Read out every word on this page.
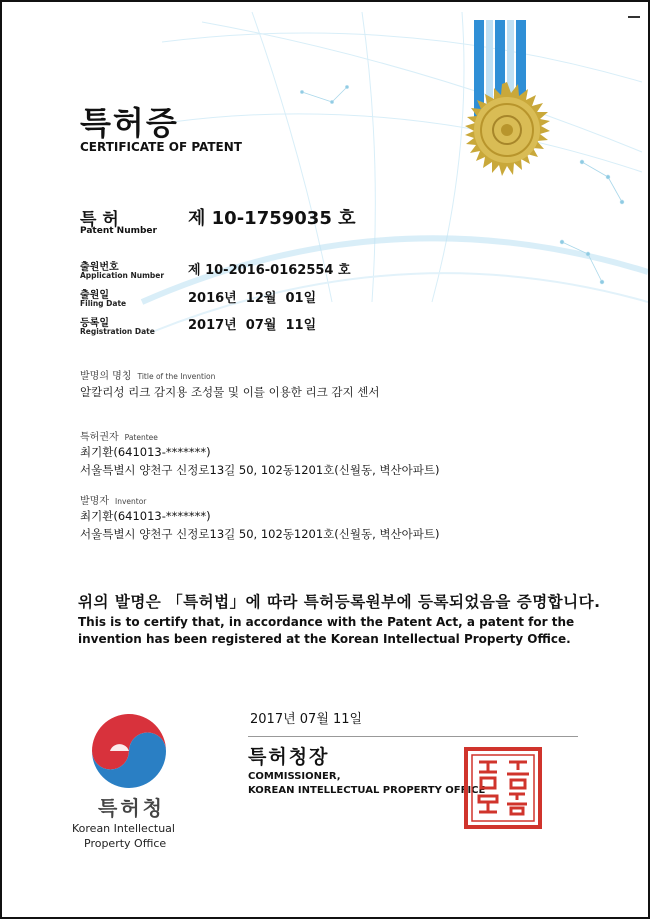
특허증
CERTIFICATE OF PATENT
특 허
Patent Number
제 10-1759035 호
출원번호
Application Number 제 10-2016-0162554 호
출원일
Filing Date	2016년  12월  01일
등록일
Registration Date	2017년  07월  11일
발명의 명칭 Title of the Invention
알칼리성 리크 감지용 조성물 및 이를 이용한 리크 감지 센서
특허권자 Patentee
최기환(641013-*******)
서울특별시 양천구 신정로13길 50, 102동1201호(신월동, 벽산아파트)
발명자 Inventor
최기환(641013-*******)
서울특별시 양천구 신정로13길 50, 102동1201호(신월동, 벽산아파트)
위의 발명은 「특허법」에 따라 특허등록원부에 등록되었음을 증명합니다.
This is to certify that, in accordance with the Patent Act, a patent for the invention has been registered at the Korean Intellectual Property Office.
2017년 07월 11일
특허청장
COMMISSIONER,
KOREAN INTELLECTUAL PROPERTY OFFICE
특허청
Korean Intellectual
Property Office
